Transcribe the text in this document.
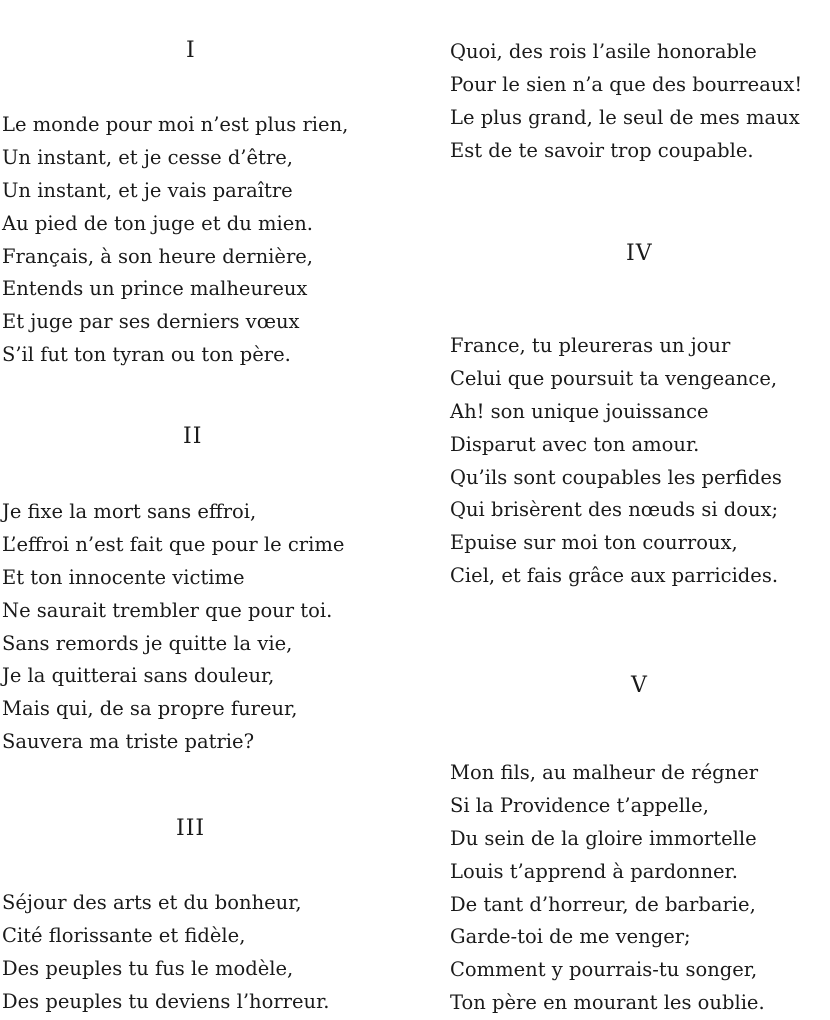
I
Le monde pour moi n’est plus rien,
Un instant, et je cesse d’être,
Un instant, et je vais paraître
Au pied de ton juge et du mien.
Français, à son heure dernière,
Entends un prince malheureux
Et juge par ses derniers vœux
S’il fut ton tyran ou ton père.
II
Je fixe la mort sans effroi,
L’effroi n’est fait que pour le crime
Et ton innocente victime
Ne saurait trembler que pour toi.
Sans remords je quitte la vie,
Je la quitterai sans douleur,
Mais qui, de sa propre fureur,
Sauvera ma triste patrie?
III
Séjour des arts et du bonheur,
Cité florissante et fidèle,
Des peuples tu fus le modèle,
Des peuples tu deviens l’horreur.
Quoi, des rois l’asile honorable
Pour le sien n’a que des bourreaux!
Le plus grand, le seul de mes maux
Est de te savoir trop coupable.
IV
France, tu pleureras un jour
Celui que poursuit ta vengeance,
Ah! son unique jouissance
Disparut avec ton amour.
Qu’ils sont coupables les perfides
Qui brisèrent des nœuds si doux;
Epuise sur moi ton courroux,
Ciel, et fais grâce aux parricides.
V
Mon fils, au malheur de régner
Si la Providence t’appelle,
Du sein de la gloire immortelle
Louis t’apprend à pardonner.
De tant d’horreur, de barbarie,
Garde-toi de me venger;
Comment y pourrais-tu songer,
Ton père en mourant les oublie.
